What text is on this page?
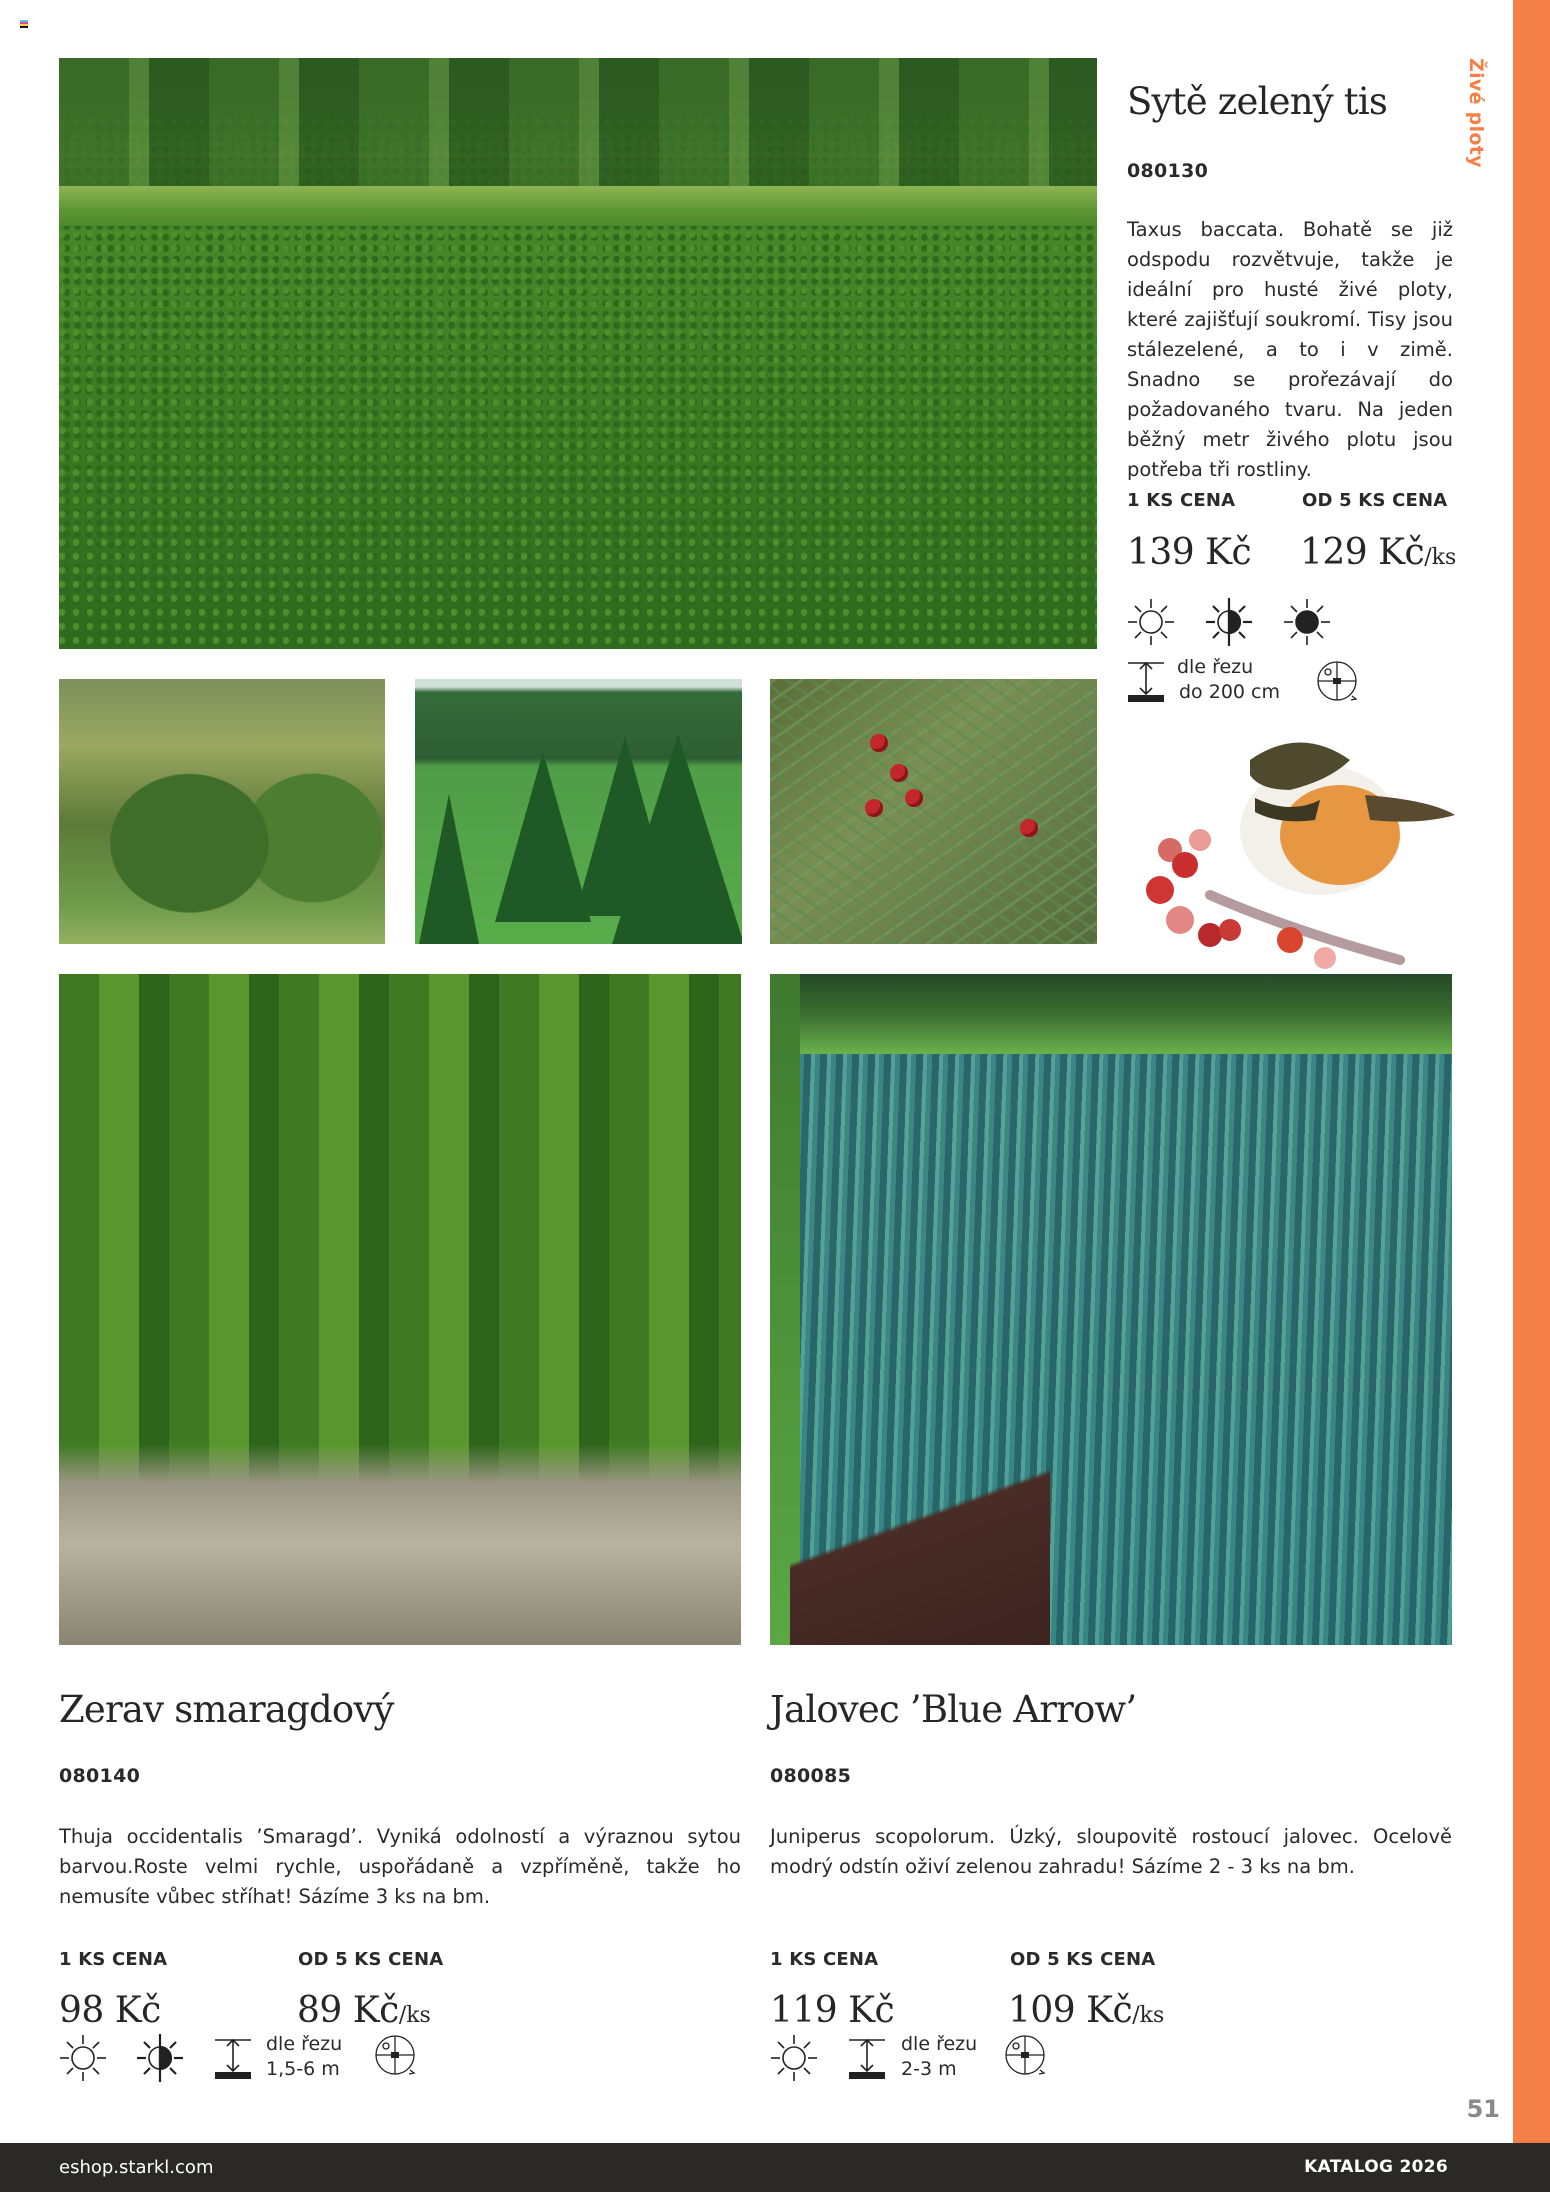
Živé ploty
Sytě zelený tis
080130
Taxus baccata. Bohatě se již odspodu rozvětvuje, takže je ideální pro husté živé ploty, které zajišťují soukromí. Tisy jsou stálezelené, a to i v zimě. Snadno se prořezávají do požadovaného tvaru. Na jeden běžný metr živého plotu jsou potřeba tři rostliny.
1 KS CENA	OD 5 KS CENA
139 Kč 129 Kč/ks
dle řezu
do 200 cm
Zerav smaragdový
080140
Thuja occidentalis ’Smaragd’. Vyniká odolností a výraznou sytou barvou.Roste velmi rychle, uspořádaně a vzpříměně, takže ho nemusíte vůbec stříhat! Sázíme 3 ks na bm.
1 KS CENA	OD 5 KS CENA
98 Kč	89 Kč/ks
dle řezu
1,5-6 m
Jalovec ’Blue Arrow’
080085
Juniperus scopolorum. Úzký, sloupovitě rostoucí jalovec. Ocelově modrý odstín oživí zelenou zahradu! Sázíme 2 - 3 ks na bm.
1 KS CENA	OD 5 KS CENA
119 Kč	109 Kč/ks
dle řezu
2-3 m
51
eshop.starkl.com	KATALOG 2026
